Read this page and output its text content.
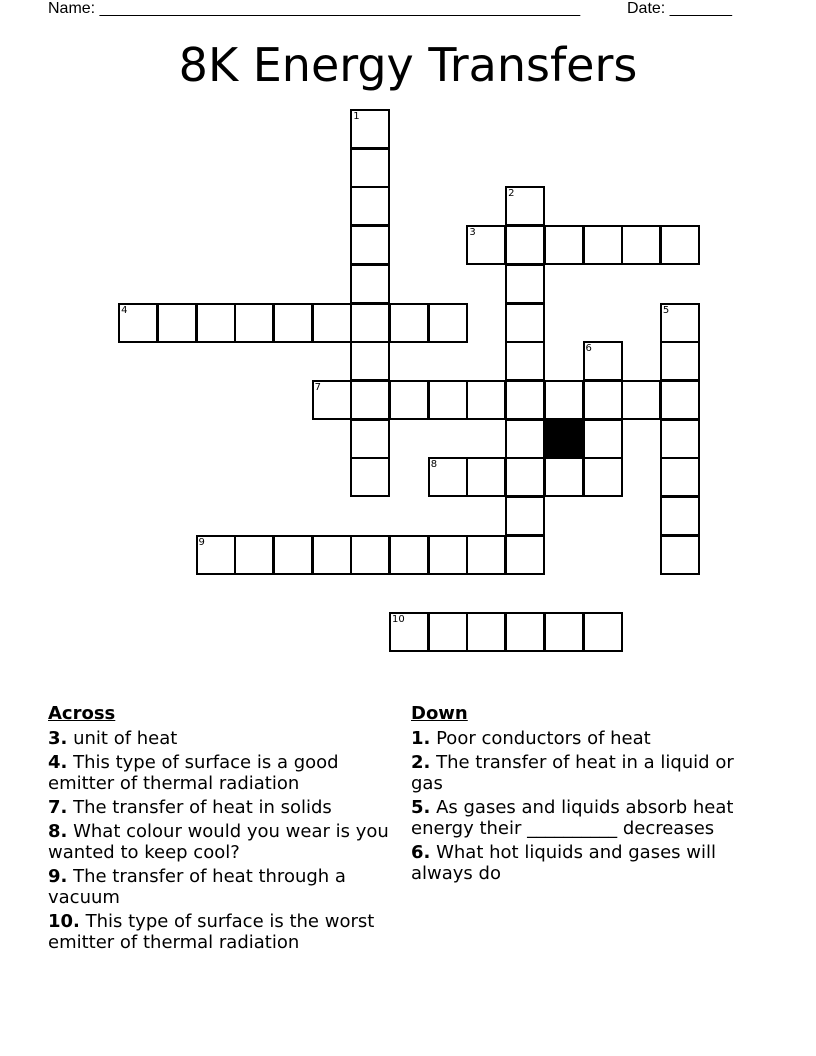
Name: ______________________________________________________	Date: _______
8K Energy Transfers
1
2
3
4	5
6
7
8
9
10
Across
3. unit of heat
4. This type of surface is a good emitter of thermal radiation
7. The transfer of heat in solids
8. What colour would you wear is you wanted to keep cool?
9. The transfer of heat through a vacuum
10. This type of surface is the worst emitter of thermal radiation
Down
1. Poor conductors of heat
2. The transfer of heat in a liquid or gas
5. As gases and liquids absorb heat energy their __________ decreases
6. What hot liquids and gases will always do
